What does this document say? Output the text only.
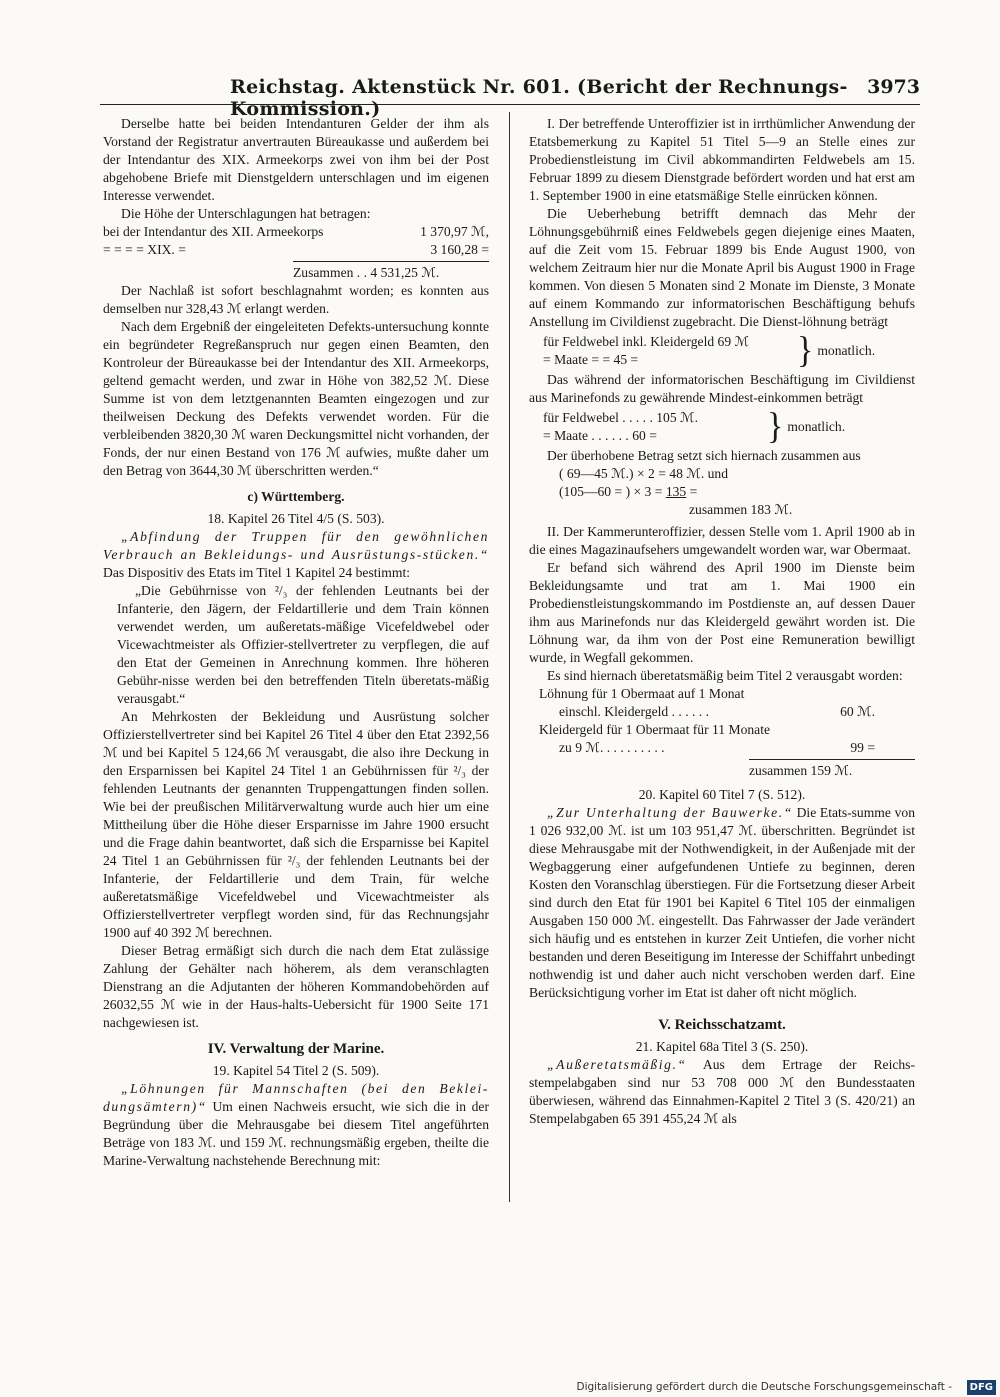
Reichstag. Aktenstück Nr. 601. (Bericht der Rechnungs-Kommission.)
3973

Derselbe hatte bei beiden Intendanturen Gelder der ihm als Vorstand der Registratur anvertrauten Büreaukasse und außerdem bei der Intendantur des XIX. Armeekorps zwei von ihm bei der Post abgehobene Briefe mit Dienstgeldern unterschlagen und im eigenen Interesse verwendet.

Die Höhe der Unterschlagungen hat betragen:

bei der Intendantur des XII. Armeekorps	1 370,97 ℳ,
= = = = XIX. =	3 160,28 =
Zusammen . . 4 531,25 ℳ.

Der Nachlaß ist sofort beschlagnahmt worden; es konnten aus demselben nur 328,43 ℳ erlangt werden.

Nach dem Ergebniß der eingeleiteten Defekts-untersuchung konnte ein begründeter Regreßanspruch nur gegen einen Beamten, den Kontroleur der Büreaukasse bei der Intendantur des XII. Armeekorps, geltend gemacht werden, und zwar in Höhe von 382,52 ℳ. Diese Summe ist von dem letztgenannten Beamten eingezogen und zur theilweisen Deckung des Defekts verwendet worden. Für die verbleibenden 3820,30 ℳ waren Deckungsmittel nicht vorhanden, der Fonds, der nur einen Bestand von 176 ℳ aufwies, mußte daher um den Betrag von 3644,30 ℳ überschritten werden.“

c) Württemberg.
18. Kapitel 26 Titel 4/5 (S. 503).

„Abfindung der Truppen für den gewöhnlichen Verbrauch an Bekleidungs- und Ausrüstungs-stücken.“ Das Dispositiv des Etats im Titel 1 Kapitel 24 bestimmt:

„Die Gebührnisse von ²/₃ der fehlenden Leutnants bei der Infanterie, den Jägern, der Feldartillerie und dem Train können verwendet werden, um außeretats-mäßige Vicefeldwebel oder Vicewachtmeister als Offizier-stellvertreter zu verpflegen, die auf den Etat der Gemeinen in Anrechnung kommen. Ihre höheren Gebühr-nisse werden bei den betreffenden Titeln überetats-mäßig verausgabt.“

An Mehrkosten der Bekleidung und Ausrüstung solcher Offizierstellvertreter sind bei Kapitel 26 Titel 4 über den Etat 2392,56 ℳ und bei Kapitel 5 124,66 ℳ verausgabt, die also ihre Deckung in den Ersparnissen bei Kapitel 24 Titel 1 an Gebührnissen für ²/₃ der fehlenden Leutnants der genannten Truppengattungen finden sollen. Wie bei der preußischen Militärverwaltung wurde auch hier um eine Mittheilung über die Höhe dieser Ersparnisse im Jahre 1900 ersucht und die Frage dahin beantwortet, daß sich die Ersparnisse bei Kapitel 24 Titel 1 an Gebührnissen für ²/₃ der fehlenden Leutnants bei der Infanterie, der Feldartillerie und dem Train, für welche außeretatsmäßige Vicefeldwebel und Vicewachtmeister als Offizierstellvertreter verpflegt worden sind, für das Rechnungsjahr 1900 auf 40 392 ℳ berechnen.

Dieser Betrag ermäßigt sich durch die nach dem Etat zulässige Zahlung der Gehälter nach höherem, als dem veranschlagten Dienstrang an die Adjutanten der höheren Kommandobehörden auf 26032,55 ℳ wie in der Haus-halts-Uebersicht für 1900 Seite 171 nachgewiesen ist.

IV. Verwaltung der Marine.
19. Kapitel 54 Titel 2 (S. 509).

„Löhnungen für Mannschaften (bei den Beklei-dungsämtern)“ Um einen Nachweis ersucht, wie sich die in der Begründung über die Mehrausgabe bei diesem Titel angeführten Beträge von 183 ℳ. und 159 ℳ. rechnungsmäßig ergeben, theilte die Marine-Verwaltung nachstehende Berechnung mit:

I. Der betreffende Unteroffizier ist in irrthümlicher Anwendung der Etatsbemerkung zu Kapitel 51 Titel 5—9 an Stelle eines zur Probedienstleistung im Civil abkommandirten Feldwebels am 15. Februar 1899 zu diesem Dienstgrade befördert worden und hat erst am 1. September 1900 in eine etatsmäßige Stelle einrücken können.

Die Ueberhebung betrifft demnach das Mehr der Löhnungsgebührniß eines Feldwebels gegen diejenige eines Maaten, auf die Zeit vom 15. Februar 1899 bis Ende August 1900, von welchem Zeitraum hier nur die Monate April bis August 1900 in Frage kommen. Von diesen 5 Monaten sind 2 Monate im Dienste, 3 Monate auf einem Kommando zur informatorischen Beschäftigung behufs Anstellung im Civildienst zugebracht. Die Dienst-löhnung beträgt

für Feldwebel inkl. Kleidergeld 69 ℳ
= Maate = = 45 =	} monatlich.

Das während der informatorischen Beschäftigung im Civildienst aus Marinefonds zu gewährende Mindest-einkommen beträgt

für Feldwebel . . . . . 105 ℳ.
= Maate . . . . . . 60 =	} monatlich.

Der überhobene Betrag setzt sich hiernach zusammen aus

( 69—45 ℳ.) × 2 = 48 ℳ. und
(105—60 = ) × 3 = 135 =
zusammen 183 ℳ.

II. Der Kammerunteroffizier, dessen Stelle vom 1. April 1900 ab in die eines Magazinaufsehers umgewandelt worden war, war Obermaat.

Er befand sich während des April 1900 im Dienste beim Bekleidungsamte und trat am 1. Mai 1900 ein Probedienstleistungskommando im Postdienste an, auf dessen Dauer ihm aus Marinefonds nur das Kleidergeld gewährt worden ist. Die Löhnung war, da ihm von der Post eine Remuneration bewilligt wurde, in Wegfall gekommen.

Es sind hiernach überetatsmäßig beim Titel 2 verausgabt worden:

Löhnung für 1 Obermaat auf 1 Monat
einschl. Kleidergeld . . . . . .	60 ℳ.
Kleidergeld für 1 Obermaat für 11 Monate
zu 9 ℳ. . . . . . . . . .	99 =
zusammen 159 ℳ.
20. Kapitel 60 Titel 7 (S. 512).

„Zur Unterhaltung der Bauwerke.“ Die Etats-summe von 1 026 932,00 ℳ. ist um 103 951,47 ℳ. überschritten. Begründet ist diese Mehrausgabe mit der Nothwendigkeit, in der Außenjade mit der Wegbaggerung einer aufgefundenen Untiefe zu beginnen, deren Kosten den Voranschlag überstiegen. Für die Fortsetzung dieser Arbeit sind durch den Etat für 1901 bei Kapitel 6 Titel 105 der einmaligen Ausgaben 150 000 ℳ. eingestellt. Das Fahrwasser der Jade verändert sich häufig und es entstehen in kurzer Zeit Untiefen, die vorher nicht bestanden und deren Beseitigung im Interesse der Schiffahrt unbedingt nothwendig ist und daher auch nicht verschoben werden darf. Eine Berücksichtigung vorher im Etat ist daher oft nicht möglich.

V. Reichsschatzamt.
21. Kapitel 68a Titel 3 (S. 250).

„Außeretatsmäßig.“ Aus dem Ertrage der Reichs-stempelabgaben sind nur 53 708 000 ℳ den Bundesstaaten überwiesen, während das Einnahmen-Kapitel 2 Titel 3 (S. 420/21) an Stempelabgaben 65 391 455,24 ℳ als

Digitalisierung gefördert durch die Deutsche Forschungsgemeinschaft -	DFG
